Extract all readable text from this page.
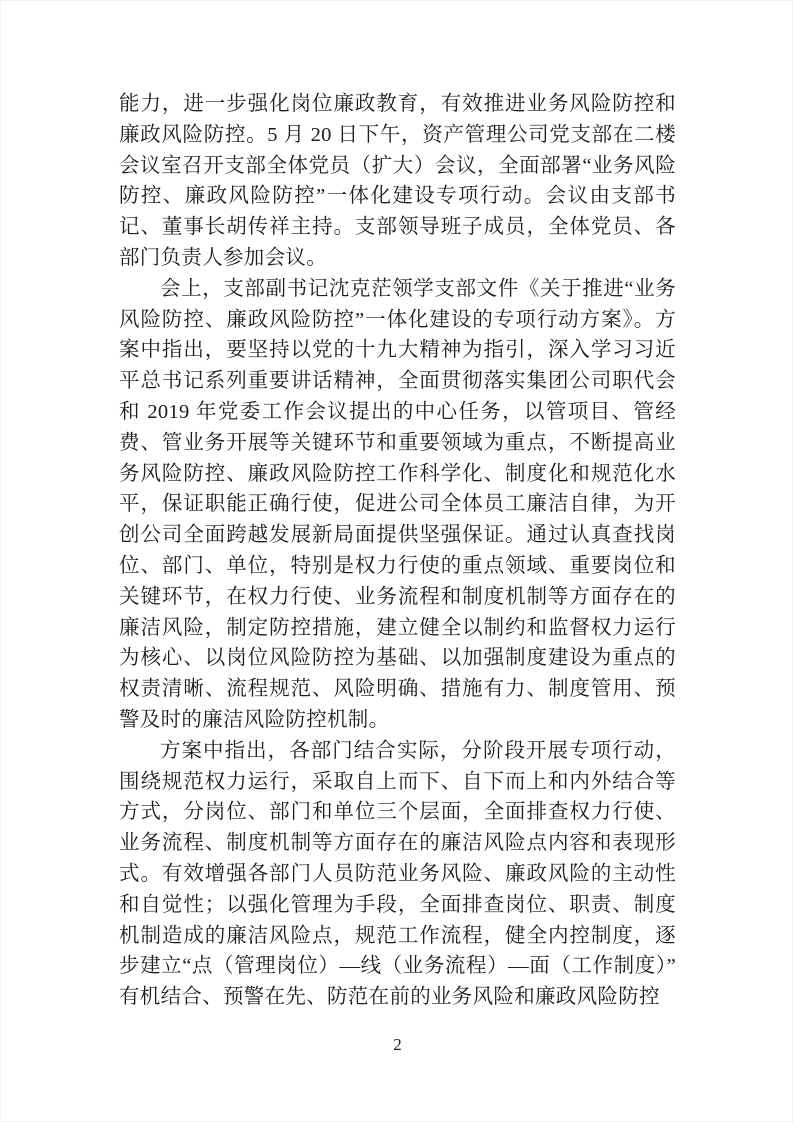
能力，进一步强化岗位廉政教育，有效推进业务风险防控和廉政风险防控。5 月 20 日下午，资产管理公司党支部在二楼会议室召开支部全体党员（扩大）会议，全面部署“业务风险防控、廉政风险防控”一体化建设专项行动。会议由支部书记、董事长胡传祥主持。支部领导班子成员，全体党员、各部门负责人参加会议。

会上，支部副书记沈克茫领学支部文件《关于推进“业务风险防控、廉政风险防控”一体化建设的专项行动方案》。方案中指出，要坚持以党的十九大精神为指引，深入学习习近平总书记系列重要讲话精神，全面贯彻落实集团公司职代会和 2019 年党委工作会议提出的中心任务，以管项目、管经费、管业务开展等关键环节和重要领域为重点，不断提高业务风险防控、廉政风险防控工作科学化、制度化和规范化水平，保证职能正确行使，促进公司全体员工廉洁自律，为开创公司全面跨越发展新局面提供坚强保证。通过认真查找岗位、部门、单位，特别是权力行使的重点领域、重要岗位和关键环节，在权力行使、业务流程和制度机制等方面存在的廉洁风险，制定防控措施，建立健全以制约和监督权力运行为核心、以岗位风险防控为基础、以加强制度建设为重点的权责清晰、流程规范、风险明确、措施有力、制度管用、预警及时的廉洁风险防控机制。

方案中指出，各部门结合实际，分阶段开展专项行动，围绕规范权力运行，采取自上而下、自下而上和内外结合等方式，分岗位、部门和单位三个层面，全面排查权力行使、业务流程、制度机制等方面存在的廉洁风险点内容和表现形式。有效增强各部门人员防范业务风险、廉政风险的主动性和自觉性；以强化管理为手段，全面排查岗位、职责、制度机制造成的廉洁风险点，规范工作流程，健全内控制度，逐步建立“点（管理岗位）—线（业务流程）—面（工作制度）”有机结合、预警在先、防范在前的业务风险和廉政风险防控

2
